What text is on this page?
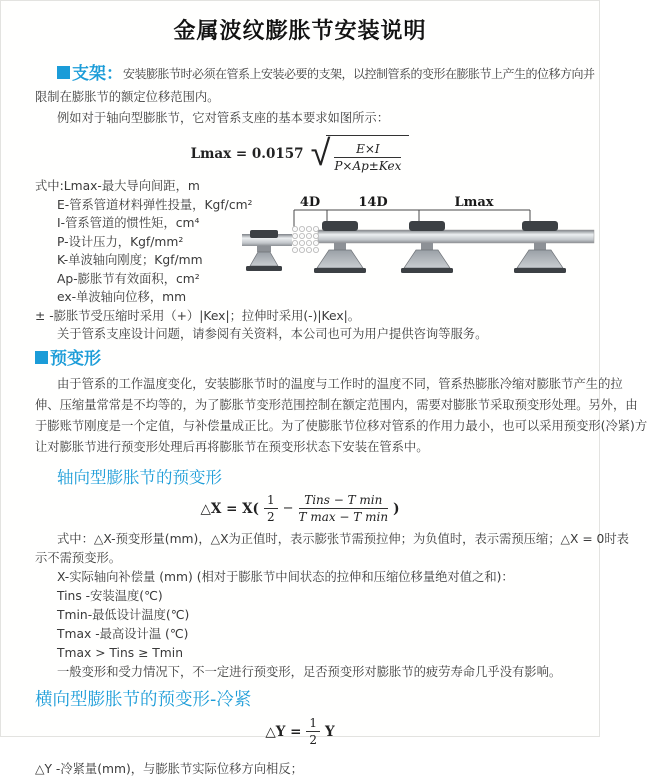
金属波纹膨胀节安装说明
支架：安装膨胀节时必须在管系上安装必要的支架，以控制管系的变形在膨胀节上产生的位移方向并
限制在膨胀节的额定位移范围内。
例如对于轴向型膨胀节，它对管系支座的基本要求如图所示：
Lmax = 0.0157 √ $\frac{E\times I}{\text{P×Ap±Kex}}$
式中:Lmax-最大导向间距，m
E-管系管道材料弹性投量，Kgf/cm²
I-管系管道的惯性矩，cm⁴
P-设计压力，Kgf/mm²
K-单波轴向刚度；Kgf/mm
Ap-膨胀节有效面积，cm²
ex-单波轴向位移，mm
± -膨胀节受压缩时采用（+）|Kex|；拉伸时采用(-)|Kex|。
关于管系支座设计问题，请参阅有关资料，本公司也可为用户提供咨询等服务。
预变形
由于管系的工作温度变化，安装膨胀节时的温度与工作时的温度不同，管系热膨胀冷缩对膨胀节产生的拉
伸、压缩量常常是不均等的，为了膨胀节变形范围控制在额定范围内，需要对膨胀节采取预变形处理。另外，由
于膨账节刚度是一个定值，与补偿量成正比。为了使膨胀节位移对管系的作用力最小，也可以采用预变形(冷紧)方
让对膨胀节进行预变形处理后再将膨胀节在预变形状态下安装在管系中。
轴向型膨胀节的预变形
△X = $X( \frac{1}{2} - \frac{\text{Tins − T min}}{\text{T max − T min}}$ )
式中：△X-预变形量(mm)，△X为正值时，表示膨张节需预拉伸；为负值时，表示需预压缩；△X = 0时表
示不需预变形。
X-实际轴向补偿量 (mm) (相对于膨胀节中间状态的拉伸和压缩位移量绝对值之和)：
Tins -安装温度(℃)
Tmin-最低设计温度(℃)
Tmax -最高设计温 (℃)
Tmax > Tins ≥ Tmin
一般变形和受力情况下，不一定进行预变形，足否预变形对膨胀节的疲劳寿命几乎没有影响。
横向型膨胀节的预变形-冷紧
△Y = $\frac{1}{2}$ Y
△Y -冷紧量(mm)，与膨胀节实际位移方向相反；
4D	14D	Lmax
